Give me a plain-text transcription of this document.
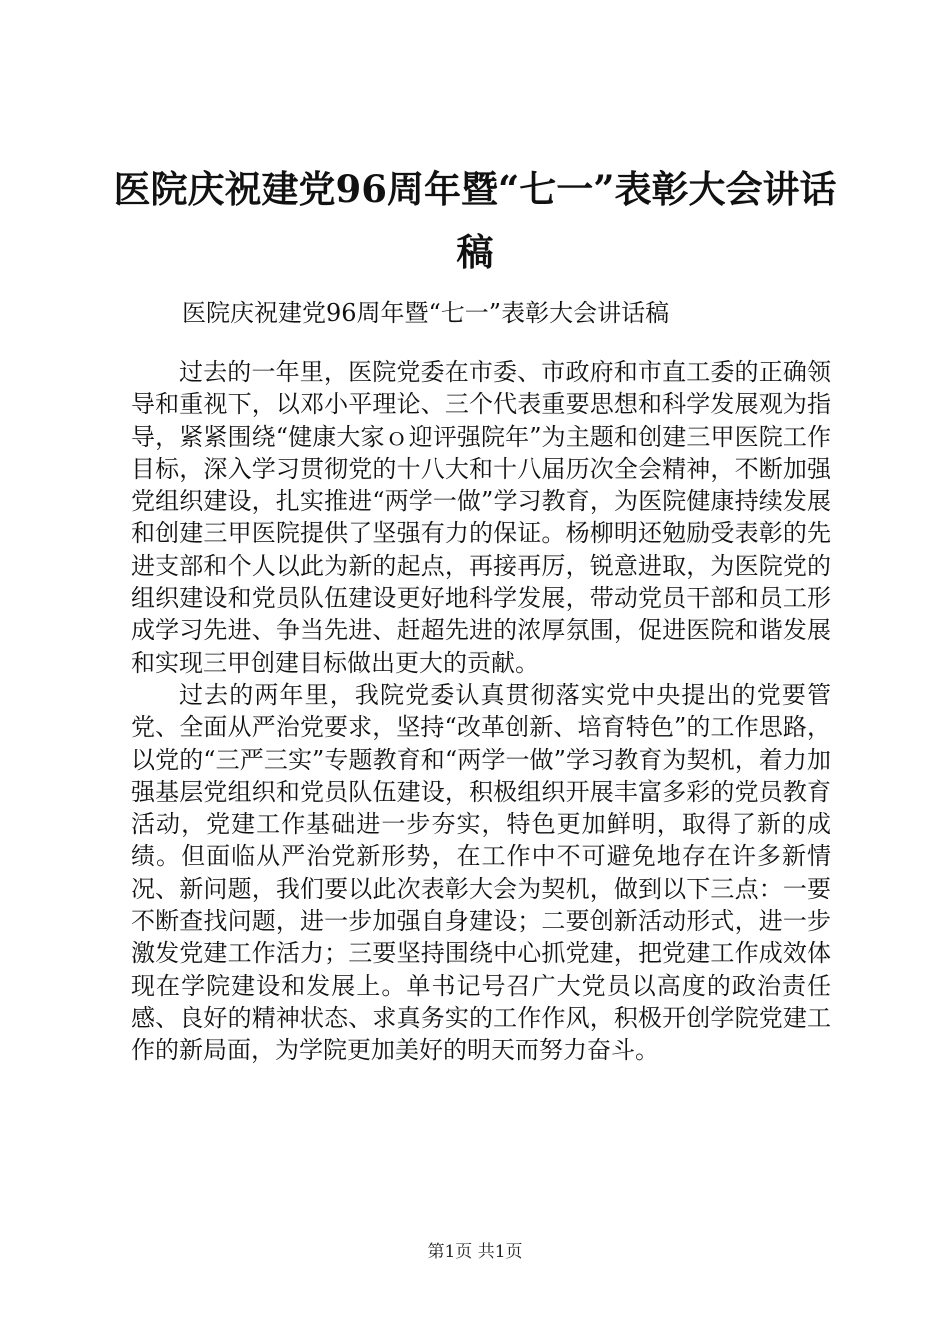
医院庆祝建党96周年暨“七一”表彰大会讲话稿

医院庆祝建党96周年暨“七一”表彰大会讲话稿

过去的一年里，医院党委在市委、市政府和市直工委的正确领导和重视下，以邓小平理论、三个代表重要思想和科学发展观为指导，紧紧围绕“健康大家ｏ迎评强院年”为主题和创建三甲医院工作目标，深入学习贯彻党的十八大和十八届历次全会精神，不断加强党组织建设，扎实推进“两学一做”学习教育，为医院健康持续发展和创建三甲医院提供了坚强有力的保证。杨柳明还勉励受表彰的先进支部和个人以此为新的起点，再接再厉，锐意进取，为医院党的组织建设和党员队伍建设更好地科学发展，带动党员干部和员工形成学习先进、争当先进、赶超先进的浓厚氛围，促进医院和谐发展和实现三甲创建目标做出更大的贡献。

过去的两年里，我院党委认真贯彻落实党中央提出的党要管党、全面从严治党要求，坚持“改革创新、培育特色”的工作思路，以党的“三严三实”专题教育和“两学一做”学习教育为契机，着力加强基层党组织和党员队伍建设，积极组织开展丰富多彩的党员教育活动，党建工作基础进一步夯实，特色更加鲜明，取得了新的成绩。但面临从严治党新形势，在工作中不可避免地存在许多新情况、新问题，我们要以此次表彰大会为契机，做到以下三点：一要不断查找问题，进一步加强自身建设；二要创新活动形式，进一步激发党建工作活力；三要坚持围绕中心抓党建，把党建工作成效体现在学院建设和发展上。单书记号召广大党员以高度的政治责任感、良好的精神状态、求真务实的工作作风，积极开创学院党建工作的新局面，为学院更加美好的明天而努力奋斗。

第1页 共1页
